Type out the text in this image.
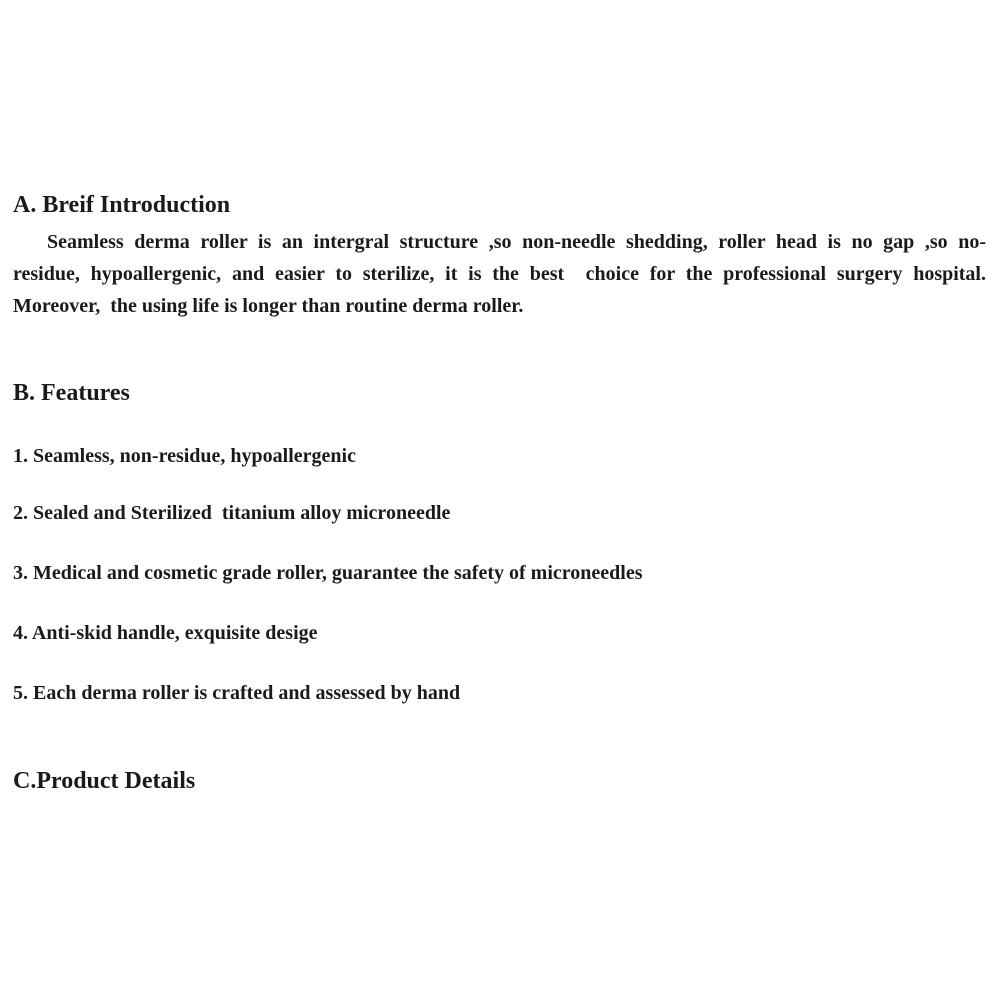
A. Breif Introduction
Seamless derma roller is an intergral structure ,so non-needle shedding, roller head is no gap ,so no-
residue, hypoallergenic, and easier to sterilize, it is the best  choice for the professional surgery hospital.
Moreover,  the using life is longer than routine derma roller.
B. Features
1. Seamless, non-residue, hypoallergenic
2. Sealed and Sterilized  titanium alloy microneedle
3. Medical and cosmetic grade roller, guarantee the safety of microneedles
4. Anti-skid handle, exquisite desige
5. Each derma roller is crafted and assessed by hand
C.Product Details
